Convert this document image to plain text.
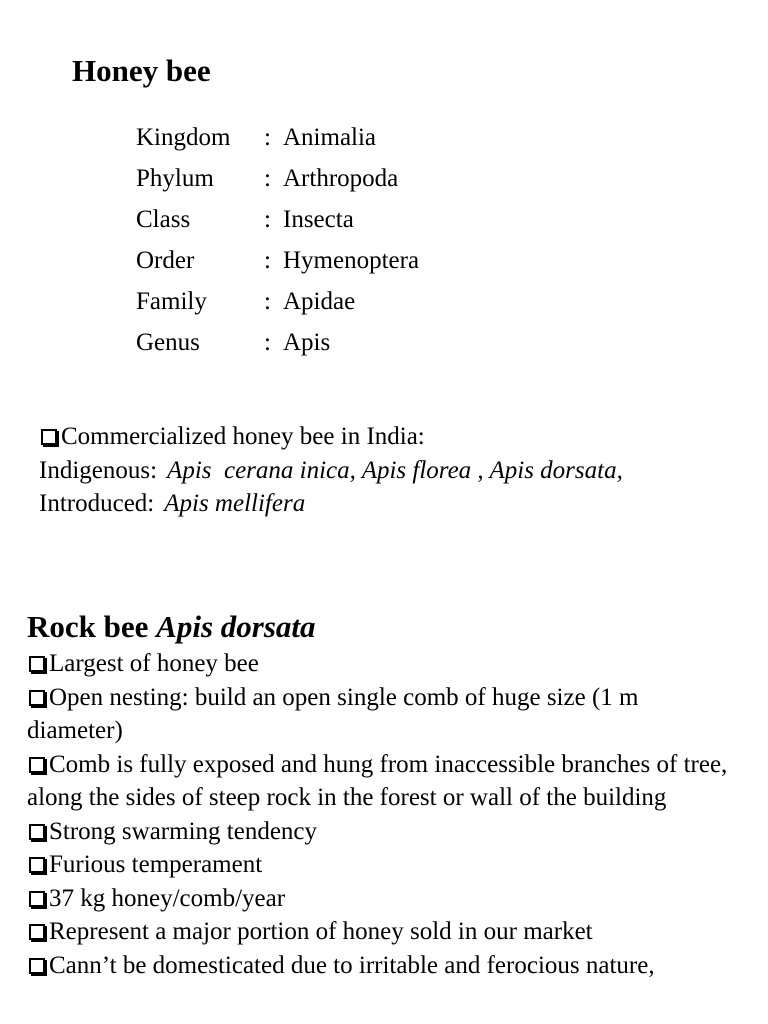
Honey bee
Kingdom	: Animalia
Phylum	: Arthropoda
Class	: Insecta
Order	: Hymenoptera
Family	: Apidae
Genus	: Apis
Commercialized honey bee in India:
Indigenous: Apis  cerana inica, Apis florea , Apis dorsata,
Introduced: Apis mellifera
Rock bee Apis dorsata

Largest of honey bee

Open nesting: build an open single comb of huge size (1 m diameter)

Comb is fully exposed and hung from inaccessible branches of tree, along the sides of steep rock in the forest or wall of the building

Strong swarming tendency

Furious temperament

37 kg honey/comb/year

Represent a major portion of honey sold in our market

Cann’t be domesticated due to irritable and ferocious nature,
